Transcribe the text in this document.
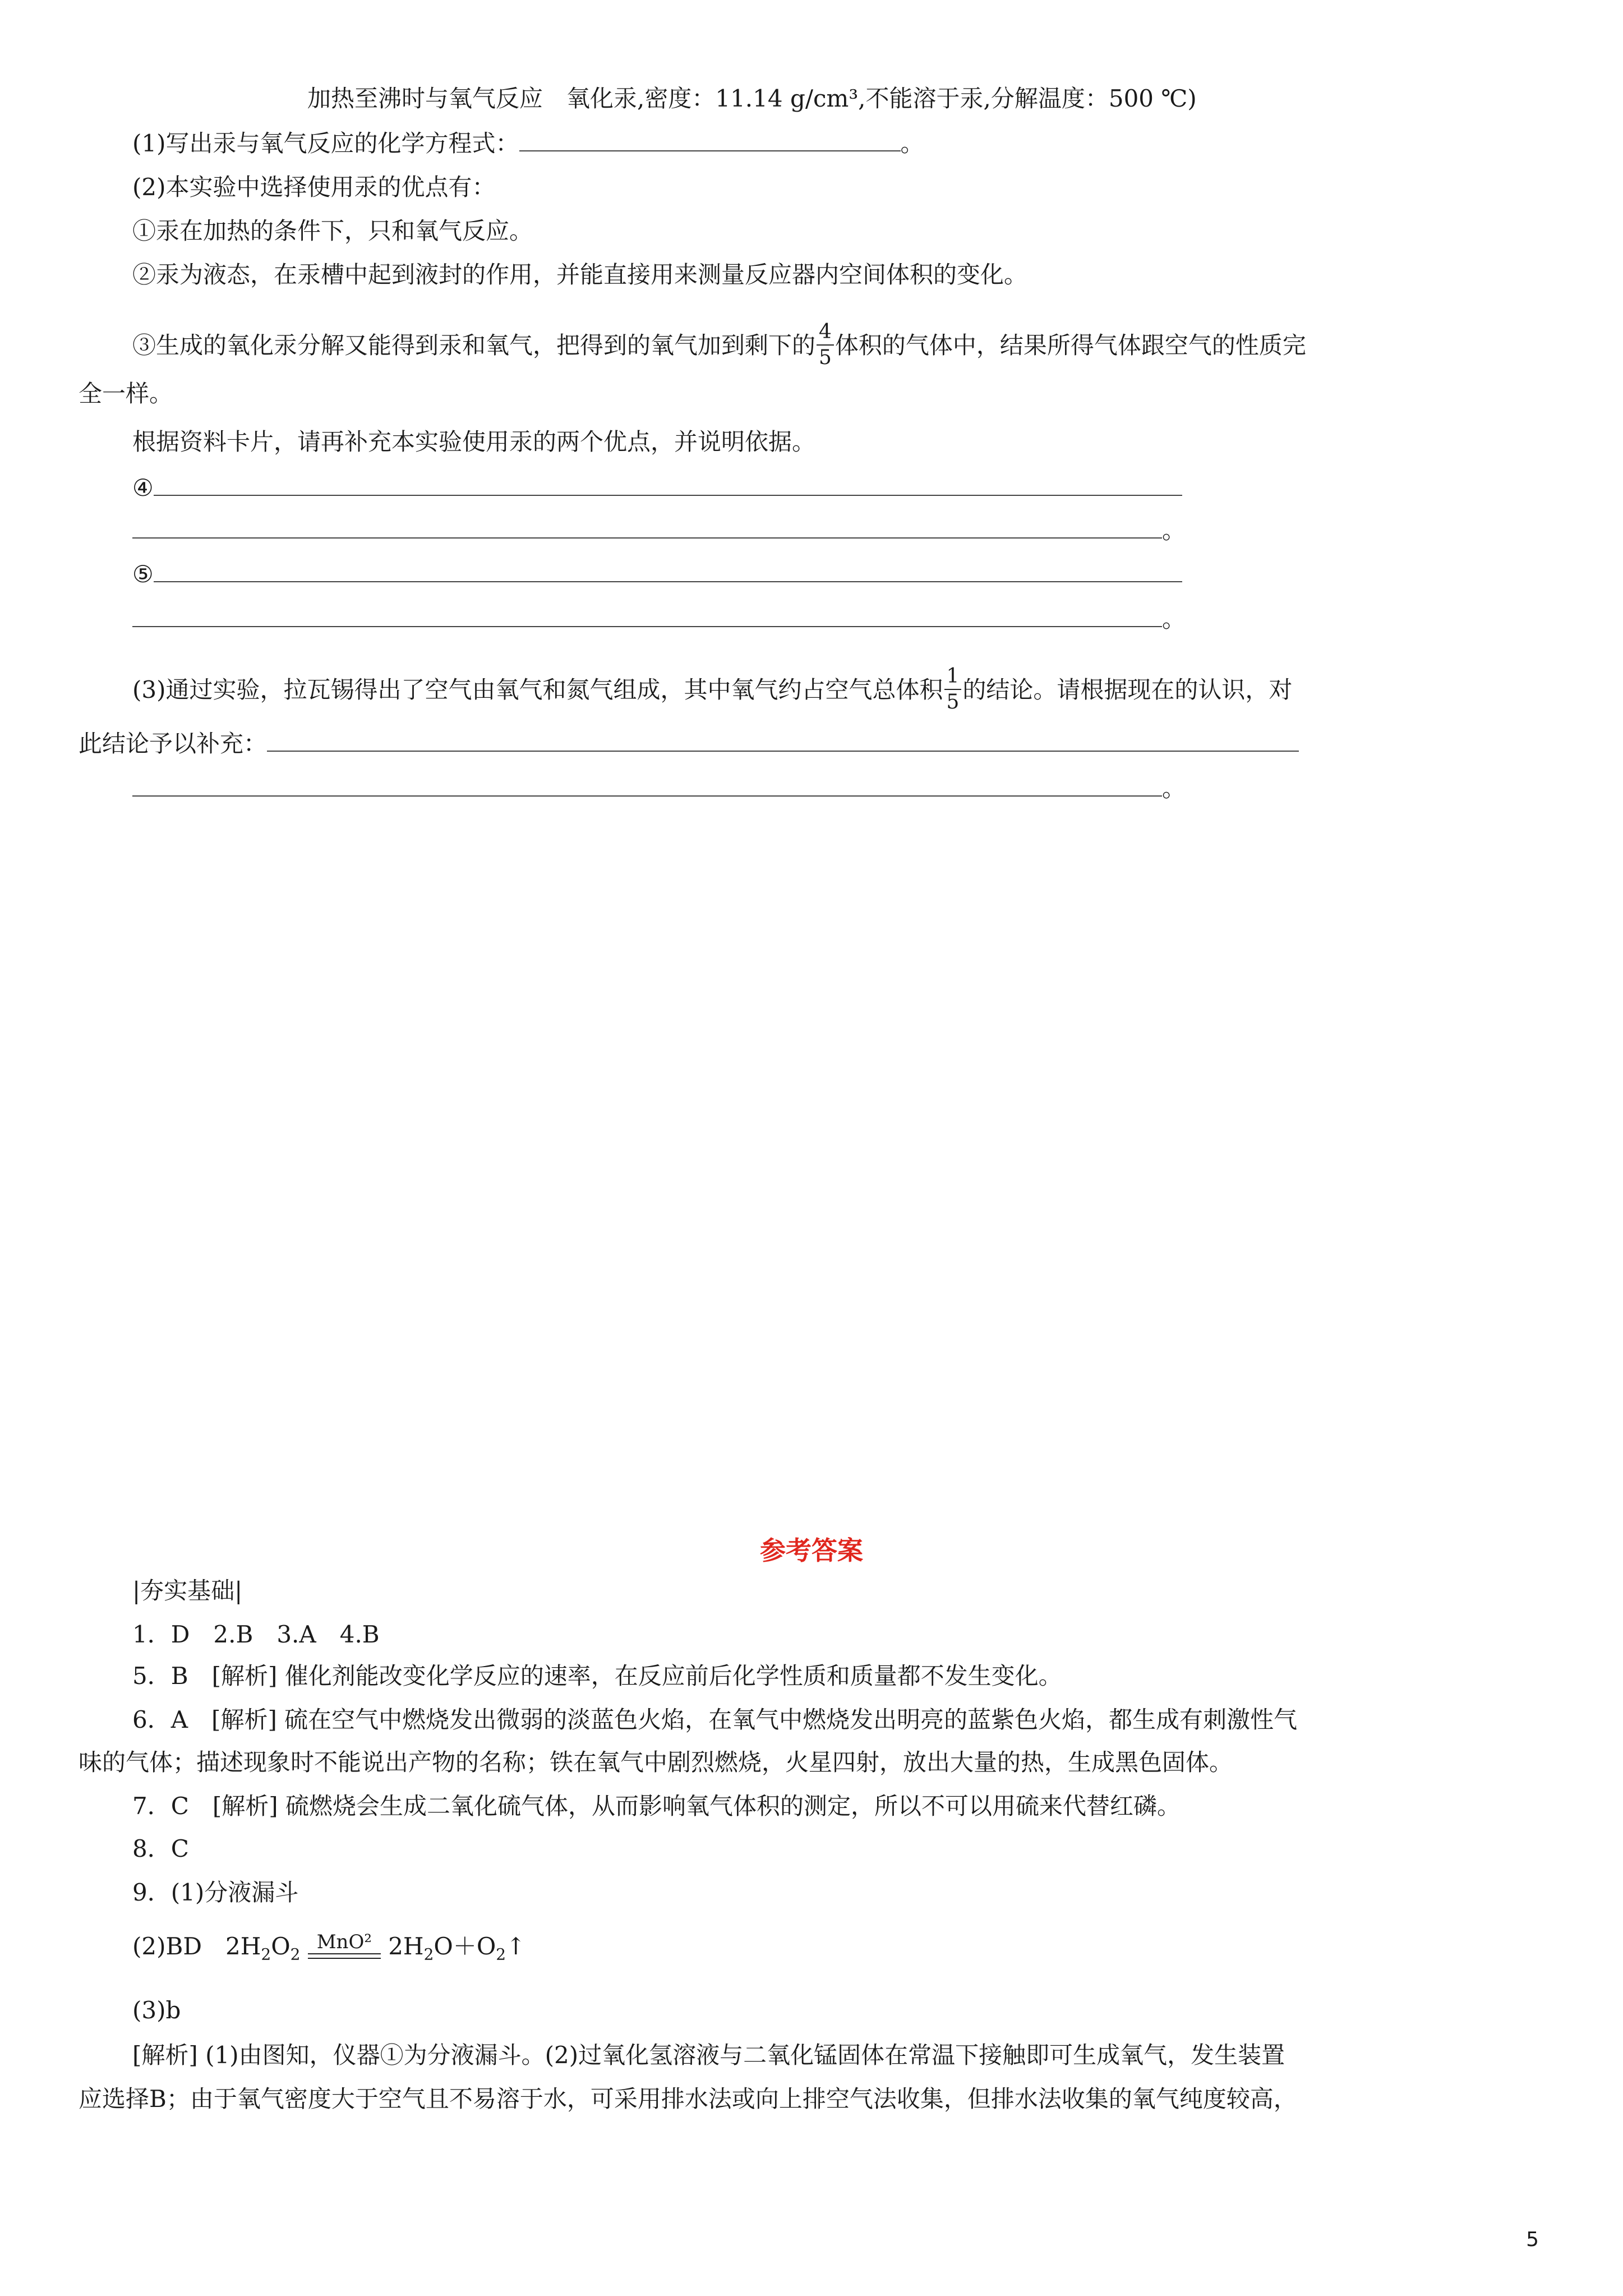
加热至沸时与氧气反应　氧化汞,密度：11.14 g/cm³,不能溶于汞,分解温度：500 ℃)
(1)写出汞与氧气反应的化学方程式：	。
(2)本实验中选择使用汞的优点有：
①汞在加热的条件下，只和氧气反应。
②汞为液态，在汞槽中起到液封的作用，并能直接用来测量反应器内空间体积的变化。
③生成的氧化汞分解又能得到汞和氧气，把得到的氧气加到剩下的 $\frac{4}{5}$ 体积的气体中，结果所得气体跟空气的性质完
全一样。
根据资料卡片，请再补充本实验使用汞的两个优点，并说明依据。
④
。
⑤
。
(3)通过实验，拉瓦锡得出了空气由氧气和氮气组成，其中氧气约占空气总体积 $\frac{1}{5}$ 的结论。请根据现在的认识，对
此结论予以补充：
。
参考答案
|夯实基础|
1．D　2.B　3.A　4.B
5．B　[解析] 催化剂能改变化学反应的速率，在反应前后化学性质和质量都不发生变化。
6．A　[解析] 硫在空气中燃烧发出微弱的淡蓝色火焰，在氧气中燃烧发出明亮的蓝紫色火焰，都生成有刺激性气
味的气体；描述现象时不能说出产物的名称；铁在氧气中剧烈燃烧，火星四射，放出大量的热，生成黑色固体。
7．C　[解析] 硫燃烧会生成二氧化硫气体，从而影响氧气体积的测定，所以不可以用硫来代替红磷。
8．C
9．(1)分液漏斗
(2)BD　$2H_2O_2$
MnO² $2H_2O+O_2↑$
(3)b
[解析] (1)由图知，仪器①为分液漏斗。(2)过氧化氢溶液与二氧化锰固体在常温下接触即可生成氧气，发生装置
应选择B；由于氧气密度大于空气且不易溶于水，可采用排水法或向上排空气法收集，但排水法收集的氧气纯度较高，
5
